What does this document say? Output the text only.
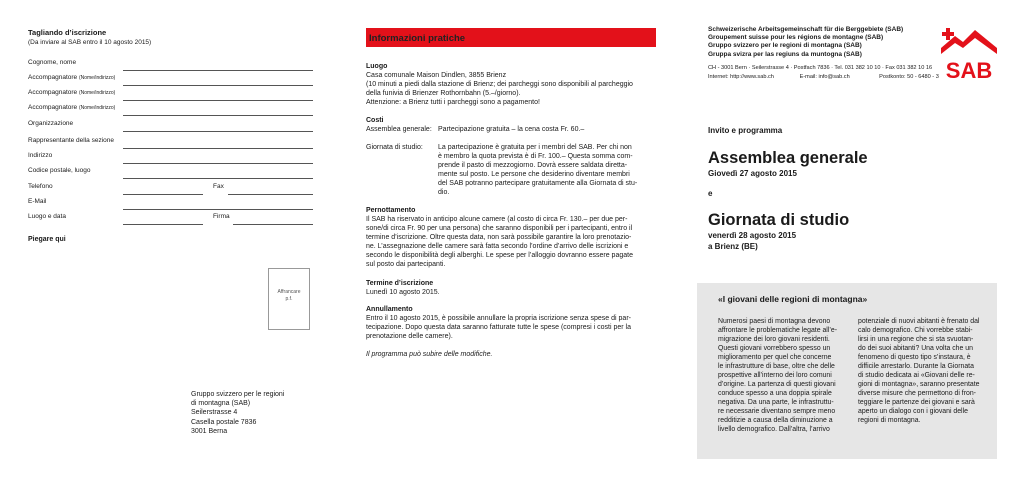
Tagliando d’iscrizione
(Da inviare al SAB entro il 10 agosto 2015)
Cognome, nome
Accompagnatore (Nome/indirizzo)
Accompagnatore (Nome/indirizzo)
Accompagnatore (Nome/indirizzo)
Organizzazione
Rappresentante della sezione
Indirizzo
Codice postale, luogo
Telefono	Fax
E-Mail
Luogo e data	Firma
Piegare qui
Affrancare
p.f.
Gruppo svizzero per le regioni
di montagna (SAB)
Seilerstrasse 4
Casella postale 7836
3001 Berna
Informazioni pratiche
Luogo
Casa comunale Maison Dindlen, 3855 Brienz
(10 minuti a piedi dalla stazione di Brienz; dei parcheggi sono disponibili al parcheggio
della funivia di Brienzer Rothornbahn (5.–/giorno).
Attenzione: a Brienz tutti i parcheggi sono a pagamento!
Costi
Assemblea generale: Partecipazione gratuita – la cena costa Fr. 60.–
Giornata di studio:	La partecipazione è gratuita per i membri del SAB. Per chi non
è membro la quota prevista è di Fr. 100.– Questa somma com-
prende il pasto di mezzogiorno. Dovrà essere saldata diretta-
mente sul posto. Le persone che desiderino diventare membri
del SAB potranno partecipare gratuitamente alla Giornata di stu-
dio.
Pernottamento
Il SAB ha riservato in anticipo alcune camere (al costo di circa Fr. 130.– per due per-
sone/di circa Fr. 90 per una persona) che saranno disponibili per i partecipanti, entro il
termine d’iscrizione. Oltre questa data, non sarà possibile garantire la loro prenotazio-
ne. L’assegnazione delle camere sarà fatta secondo l’ordine d’arrivo delle iscrizioni e
secondo le disponibilità degli alberghi. Le spese per l’alloggio dovranno essere pagate
sul posto dai partecipanti.
Termine d’iscrizione
Lunedì 10 agosto 2015.
Annullamento
Entro il 10 agosto 2015, è possibile annullare la propria iscrizione senza spese di par-
tecipazione. Dopo questa data saranno fatturate tutte le spese (compresi i costi per la
prenotazione delle camere).
Il programma può subire delle modifiche.
Schweizerische Arbeitsgemeinschaft für die Berggebiete (SAB)
Groupement suisse pour les régions de montagne (SAB)
Gruppo svizzero per le regioni di montagna (SAB)
Gruppa svizra per las regiuns da muntogna (SAB)
SAB
CH - 3001 Bern · Seilerstrasse 4 · Postfach 7836 · Tel. 031 382 10 10 · Fax 031 382 10 16
Internet: http://www.sab.ch	E-mail: info@sab.ch	Postkonto: 50 - 6480 - 3
Invito e programma
Assemblea generale
Giovedì 27 agosto 2015
e
Giornata di studio
venerdì 28 agosto 2015
a Brienz (BE)
«I giovani delle regioni di montagna»
Numerosi paesi di montagna devono
affrontare le problematiche legate all’e-
migrazione dei loro giovani residenti.
Questi giovani vorrebbero spesso un
miglioramento per quel che concerne
le infrastrutture di base, oltre che delle
prospettive all’interno dei loro comuni
d’origine. La partenza di questi giovani
conduce spesso a una doppia spirale
negativa. Da una parte, le infrastruttu-
re necessarie diventano sempre meno
redditizie a causa della diminuzione a
livello demografico. Dall’altra, l’arrivo
potenziale di nuovi abitanti è frenato dal
calo demografico. Chi vorrebbe stabi-
lirsi in una regione che si sta svuotan-
do dei suoi abitanti? Una volta che un
fenomeno di questo tipo s’instaura, è
difficile arrestarlo. Durante la Giornata
di studio dedicata ai «Giovani delle re-
gioni di montagna», saranno presentate
diverse misure che permettono di fron-
teggiare le partenze dei giovani e sarà
aperto un dialogo con i giovani delle
regioni di montagna.
